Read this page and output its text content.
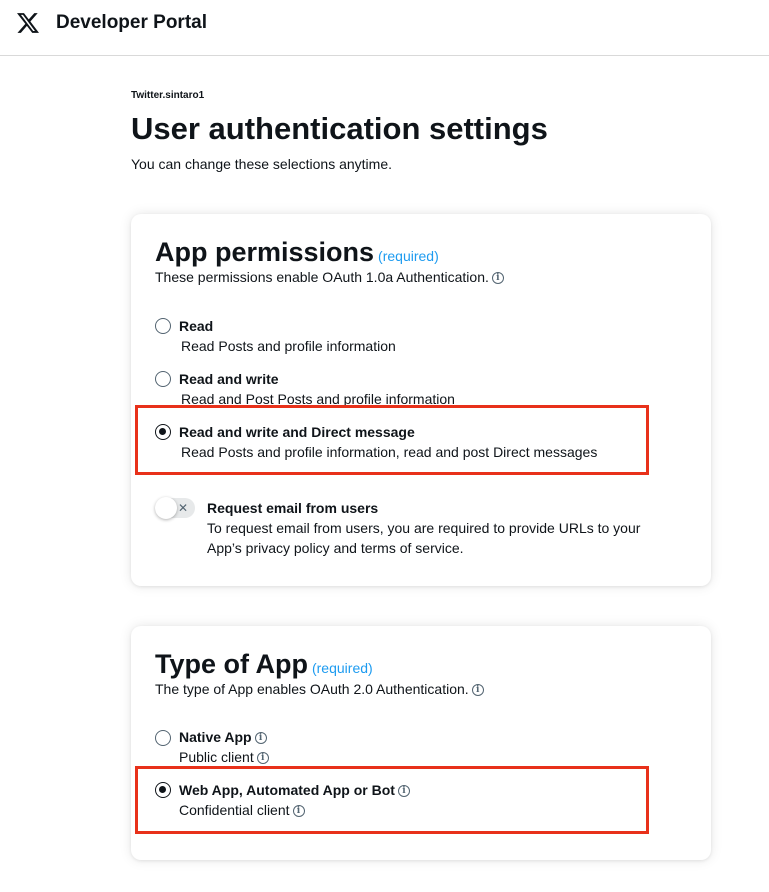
Developer Portal
Twitter.sintaro1
User authentication settings
You can change these selections anytime.
App permissions (required)
These permissions enable OAuth 1.0a Authentication. i
Read
Read Posts and profile information
Read and write
Read and Post Posts and profile information
Read and write and Direct message
Read Posts and profile information, read and post Direct messages
✕ Request email from users
To request email from users, you are required to provide URLs to your
App’s privacy policy and terms of service.
Type of App (required)
The type of App enables OAuth 2.0 Authentication. i
Native App i
Public client i
Web App, Automated App or Bot i
Confidential client i
